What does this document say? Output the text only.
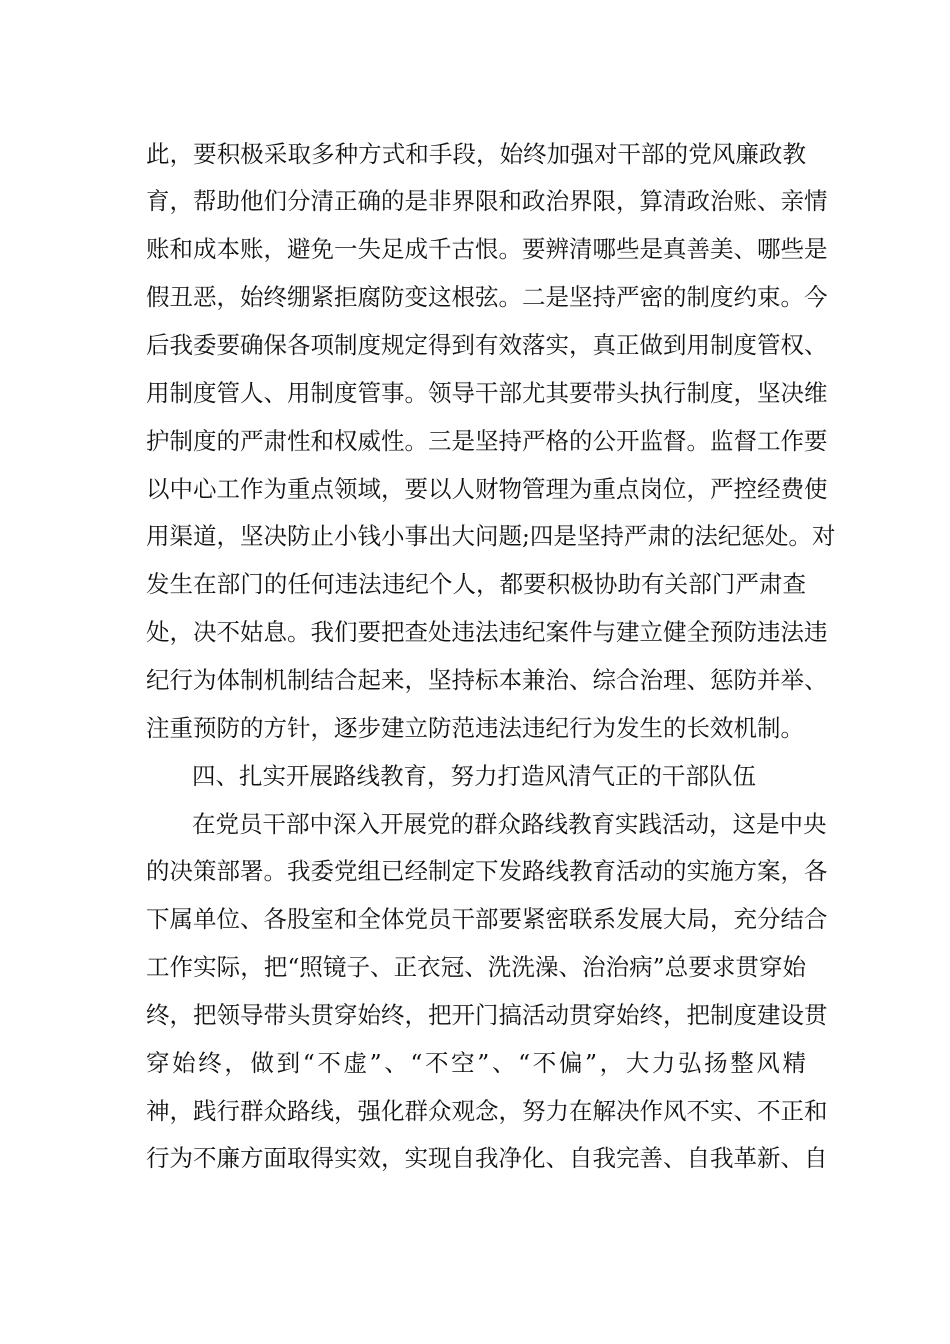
此，要积极采取多种方式和手段，始终加强对干部的党风廉政教
育，帮助他们分清正确的是非界限和政治界限，算清政治账、亲情
账和成本账，避免一失足成千古恨。要辨清哪些是真善美、哪些是
假丑恶，始终绷紧拒腐防变这根弦。二是坚持严密的制度约束。今
后我委要确保各项制度规定得到有效落实，真正做到用制度管权、
用制度管人、用制度管事。领导干部尤其要带头执行制度，坚决维
护制度的严肃性和权威性。三是坚持严格的公开监督。监督工作要
以中心工作为重点领域，要以人财物管理为重点岗位，严控经费使
用渠道，坚决防止小钱小事出大问题;四是坚持严肃的法纪惩处。对
发生在部门的任何违法违纪个人，都要积极协助有关部门严肃查
处，决不姑息。我们要把查处违法违纪案件与建立健全预防违法违
纪行为体制机制结合起来，坚持标本兼治、综合治理、惩防并举、
注重预防的方针，逐步建立防范违法违纪行为发生的长效机制。
四、扎实开展路线教育，努力打造风清气正的干部队伍
在党员干部中深入开展党的群众路线教育实践活动，这是中央
的决策部署。我委党组已经制定下发路线教育活动的实施方案，各
下属单位、各股室和全体党员干部要紧密联系发展大局，充分结合
工作实际，把“照镜子、正衣冠、洗洗澡、治治病”总要求贯穿始
终，把领导带头贯穿始终，把开门搞活动贯穿始终，把制度建设贯
穿始终，做到“不虚”、“不空”、“不偏”，大力弘扬整风精
神，践行群众路线，强化群众观念，努力在解决作风不实、不正和
行为不廉方面取得实效，实现自我净化、自我完善、自我革新、自
